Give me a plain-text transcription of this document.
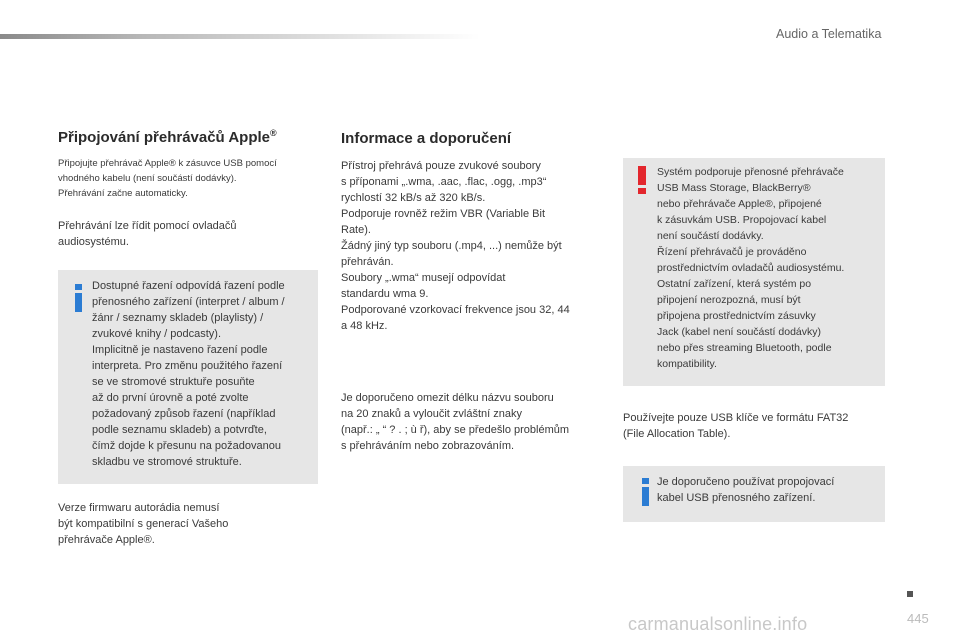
Audio a Telematika
Připojování přehrávačů Apple®
Připojujte přehrávač Apple® k zásuvce USB pomocí
vhodného kabelu (není součástí dodávky).
Přehrávání začne automaticky.
Přehrávání lze řídit pomocí ovladačů
audiosystému.
Dostupné řazení odpovídá řazení podle
přenosného zařízení (interpret / album /
žánr / seznamy skladeb (playlisty) /
zvukové knihy / podcasty).
Implicitně je nastaveno řazení podle
interpreta. Pro změnu použitého řazení
se ve stromové struktuře posuňte
až do první úrovně a poté zvolte
požadovaný způsob řazení (například
podle seznamu skladeb) a potvrďte,
čímž dojde k přesunu na požadovanou
skladbu ve stromové struktuře.
Verze firmwaru autorádia nemusí
být kompatibilní s generací Vašeho
přehrávače Apple®.
Informace a doporučení
Přístroj přehrává pouze zvukové soubory
s příponami „.wma, .aac, .flac, .ogg, .mp3“
rychlostí 32 kB/s až 320 kB/s.
Podporuje rovněž režim VBR (Variable Bit
Rate).
Žádný jiný typ souboru (.mp4, ...) nemůže být
přehráván.
Soubory „.wma“ musejí odpovídat
standardu wma 9.
Podporované vzorkovací frekvence jsou 32, 44
a 48 kHz.
Je doporučeno omezit délku názvu souboru
na 20 znaků a vyloučit zvláštní znaky
(např.: „ “ ? . ; ù ř), aby se předešlo problémům
s přehráváním nebo zobrazováním.
Systém podporuje přenosné přehrávače
USB Mass Storage, BlackBerry®
nebo přehrávače Apple®, připojené
k zásuvkám USB. Propojovací kabel
není součástí dodávky.
Řízení přehrávačů je prováděno
prostřednictvím ovladačů audiosystému.
Ostatní zařízení, která systém po
připojení nerozpozná, musí být
připojena prostřednictvím zásuvky
Jack (kabel není součástí dodávky)
nebo přes streaming Bluetooth, podle
kompatibility.
Používejte pouze USB klíče ve formátu FAT32
(File Allocation Table).
Je doporučeno používat propojovací
kabel USB přenosného zařízení.
445
carmanualsonline.info
